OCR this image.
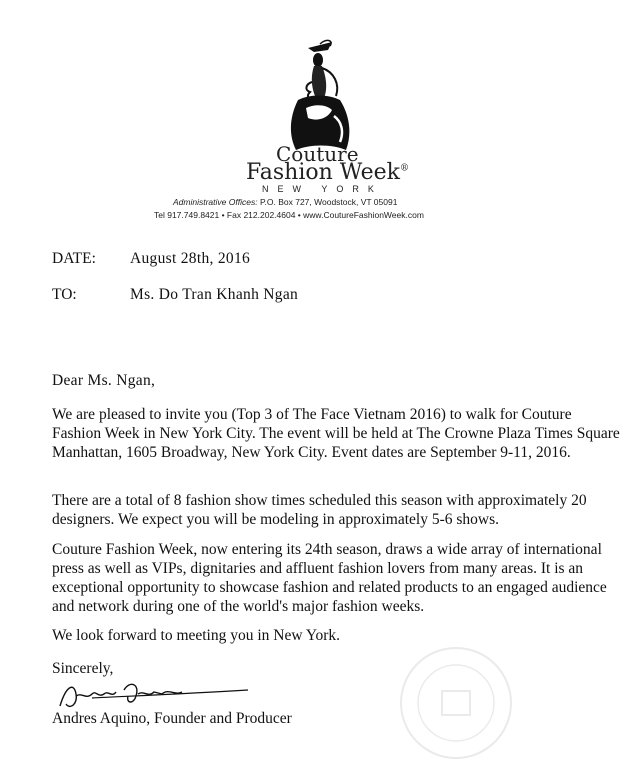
Couture
Fashion Week®
NEW YORK
Administrative Offices: P.O. Box 727, Woodstock, VT 05091
Tel 917.749.8421 • Fax 212.202.4604 • www.CoutureFashionWeek.com
DATE: August 28th, 2016
TO:	Ms. Do Tran Khanh Ngan
Dear Ms. Ngan,
We are pleased to invite you (Top 3 of The Face Vietnam 2016) to walk for Couture Fashion Week in New York City. The event will be held at The Crowne Plaza Times Square Manhattan, 1605 Broadway, New York City. Event dates are September 9-11, 2016.
There are a total of 8 fashion show times scheduled this season with approximately 20 designers. We expect you will be modeling in approximately 5-6 shows.
Couture Fashion Week, now entering its 24th season, draws a wide array of international press as well as VIPs, dignitaries and affluent fashion lovers from many areas. It is an exceptional opportunity to showcase fashion and related products to an engaged audience and network during one of the world's major fashion weeks.
We look forward to meeting you in New York.
Sincerely,
Andres Aquino, Founder and Producer
